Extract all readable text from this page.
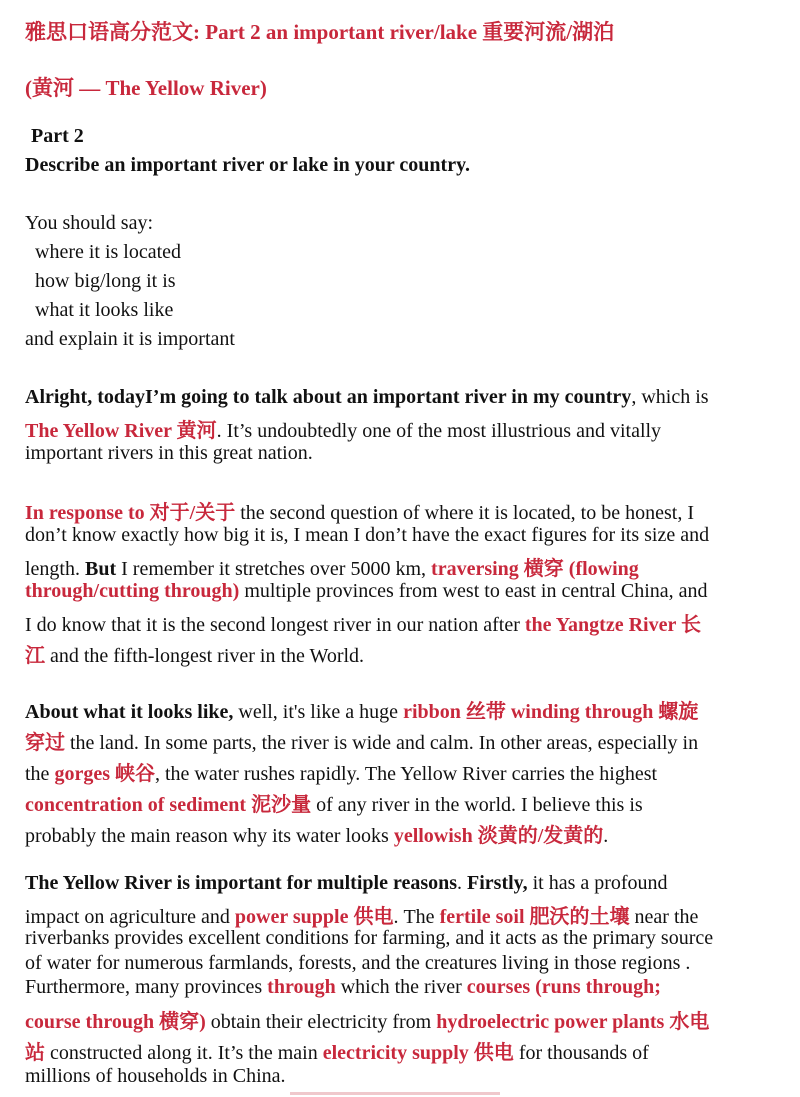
雅思口语高分范文: Part 2 an important river/lake 重要河流/湖泊
(黄河 — The Yellow River)
Part 2
Describe an important river or lake in your country.
You should say:
where it is located
how big/long it is
what it looks like
and explain it is important
Alright, todayI’m going to talk about an important river in my country, which is
The Yellow River 黄河. It’s undoubtedly one of the most illustrious and vitally
important rivers in this great nation.
In response to 对于/关于 the second question of where it is located, to be honest, I
don’t know exactly how big it is, I mean I don’t have the exact figures for its size and
length. But I remember it stretches over 5000 km, traversing 横穿 (flowing
through/cutting through) multiple provinces from west to east in central China, and
I do know that it is the second longest river in our nation after the Yangtze River 长
江 and the fifth-longest river in the World.
About what it looks like, well, it's like a huge ribbon 丝带 winding through 螺旋
穿过 the land. In some parts, the river is wide and calm. In other areas, especially in
the gorges 峡谷, the water rushes rapidly. The Yellow River carries the highest
concentration of sediment 泥沙量 of any river in the world. I believe this is
probably the main reason why its water looks yellowish 淡黄的/发黄的.
The Yellow River is important for multiple reasons. Firstly, it has a profound
impact on agriculture and power supple 供电. The fertile soil 肥沃的土壤 near the
riverbanks provides excellent conditions for farming, and it acts as the primary source
of water for numerous farmlands, forests, and the creatures living in those regions .
Furthermore, many provinces through which the river courses (runs through;
course through 横穿) obtain their electricity from hydroelectric power plants 水电
站 constructed along it. It’s the main electricity supply 供电 for thousands of
millions of households in China.
